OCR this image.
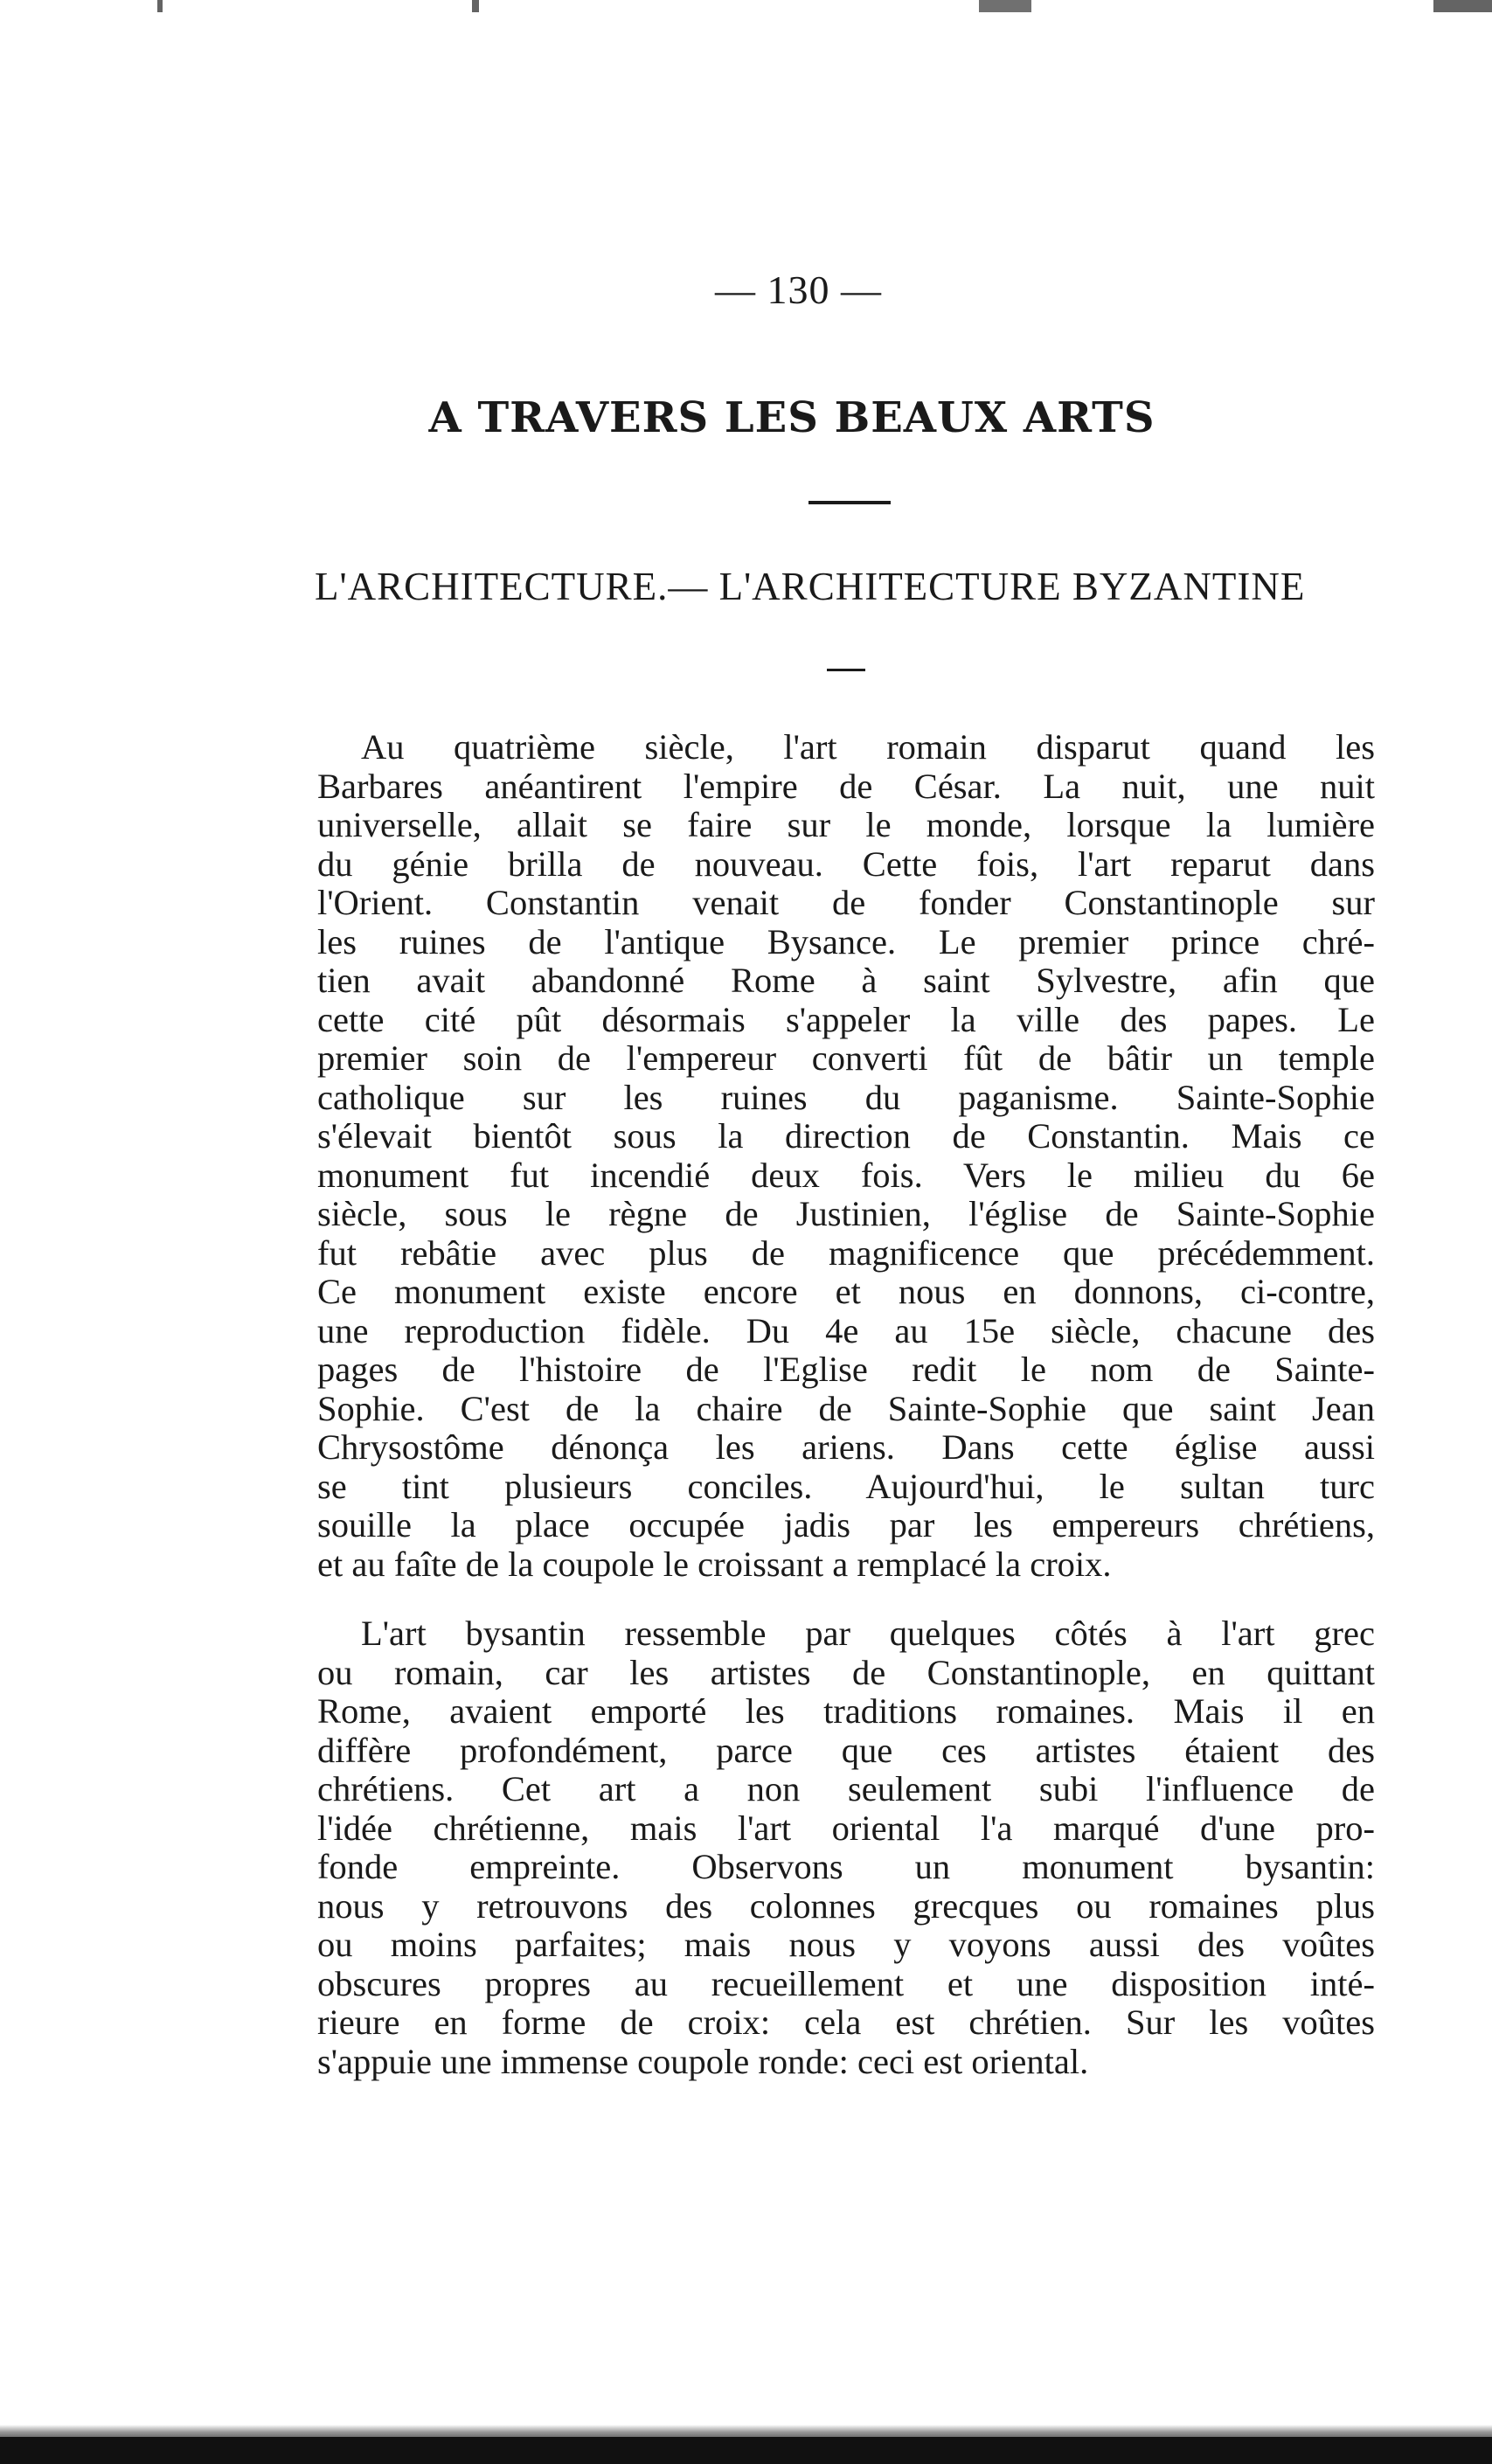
— 130 —
A TRAVERS LES BEAUX ARTS
L'ARCHITECTURE.— L'ARCHITECTURE BYZANTINE
Au quatrième siècle, l'art romain disparut quand les
Barbares anéantirent l'empire de César. La nuit, une nuit
universelle, allait se faire sur le monde, lorsque la lumière
du génie brilla de nouveau. Cette fois, l'art reparut dans
l'Orient. Constantin venait de fonder Constantinople sur
les ruines de l'antique Bysance. Le premier prince chré-
tien avait abandonné Rome à saint Sylvestre, afin que
cette cité pût désormais s'appeler la ville des papes. Le
premier soin de l'empereur converti fût de bâtir un temple
catholique sur les ruines du paganisme. Sainte-Sophie
s'élevait bientôt sous la direction de Constantin. Mais ce
monument fut incendié deux fois. Vers le milieu du 6e
siècle, sous le règne de Justinien, l'église de Sainte-Sophie
fut rebâtie avec plus de magnificence que précédemment.
Ce monument existe encore et nous en donnons, ci-contre,
une reproduction fidèle. Du 4e au 15e siècle, chacune des
pages de l'histoire de l'Eglise redit le nom de Sainte-
Sophie. C'est de la chaire de Sainte-Sophie que saint Jean
Chrysostôme dénonça les ariens. Dans cette église aussi
se tint plusieurs conciles. Aujourd'hui, le sultan turc
souille la place occupée jadis par les empereurs chrétiens,
et au faîte de la coupole le croissant a remplacé la croix.
L'art bysantin ressemble par quelques côtés à l'art grec
ou romain, car les artistes de Constantinople, en quittant
Rome, avaient emporté les traditions romaines. Mais il en
diffère profondément, parce que ces artistes étaient des
chrétiens. Cet art a non seulement subi l'influence de
l'idée chrétienne, mais l'art oriental l'a marqué d'une pro-
fonde empreinte. Observons un monument bysantin:
nous y retrouvons des colonnes grecques ou romaines plus
ou moins parfaites; mais nous y voyons aussi des voûtes
obscures propres au recueillement et une disposition inté-
rieure en forme de croix: cela est chrétien. Sur les voûtes
s'appuie une immense coupole ronde: ceci est oriental.
